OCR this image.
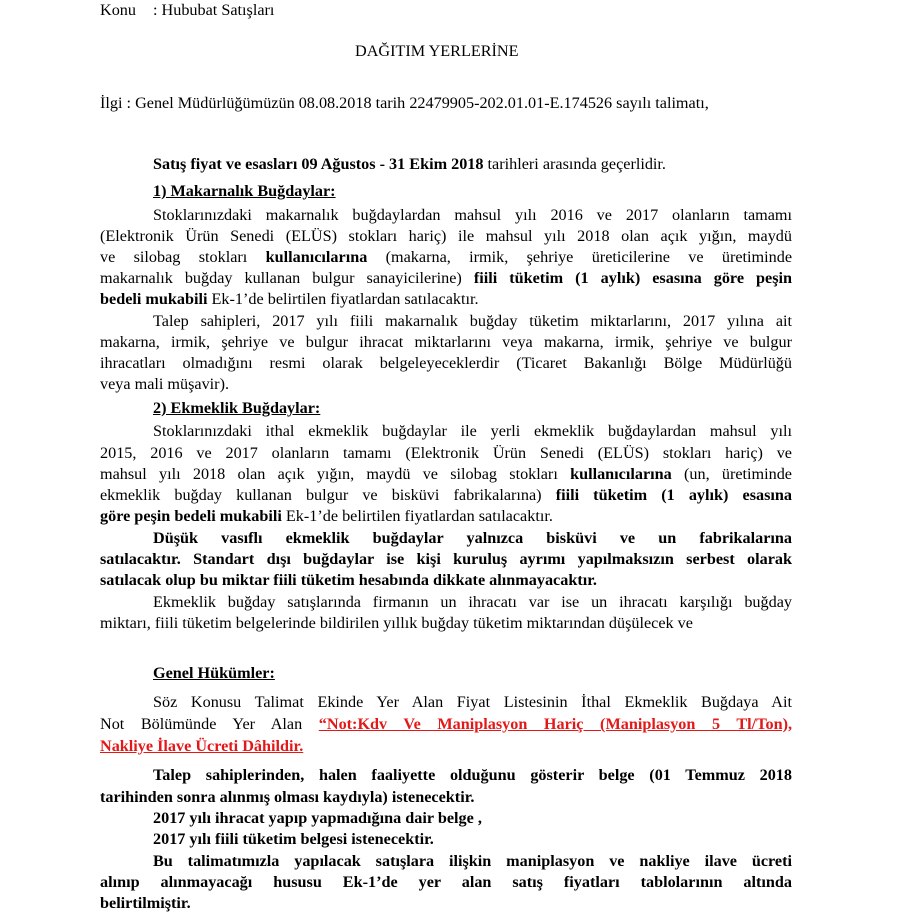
Konu : Hububat Satışları
DAĞITIM YERLERİNE
İlgi : Genel Müdürlüğümüzün 08.08.2018 tarih 22479905-202.01.01-E.174526 sayılı talimatı,
Satış fiyat ve esasları 09 Ağustos - 31 Ekim 2018 tarihleri arasında geçerlidir.
1) Makarnalık Buğdaylar:
Stoklarınızdaki makarnalık buğdaylardan mahsul yılı 2016 ve 2017 olanların tamamı
(Elektronik Ürün Senedi (ELÜS) stokları hariç) ile mahsul yılı 2018 olan açık yığın, maydü
ve silobag stokları kullanıcılarına (makarna, irmik, şehriye üreticilerine ve üretiminde
makarnalık buğday kullanan bulgur sanayicilerine) fiili tüketim (1 aylık) esasına göre peşin
bedeli mukabili Ek-1’de belirtilen fiyatlardan satılacaktır.
Talep sahipleri, 2017 yılı fiili makarnalık buğday tüketim miktarlarını, 2017 yılına ait
makarna, irmik, şehriye ve bulgur ihracat miktarlarını veya makarna, irmik, şehriye ve bulgur
ihracatları olmadığını resmi olarak belgeleyeceklerdir (Ticaret Bakanlığı Bölge Müdürlüğü
veya mali müşavir).
2) Ekmeklik Buğdaylar:
Stoklarınızdaki ithal ekmeklik buğdaylar ile yerli ekmeklik buğdaylardan mahsul yılı
2015, 2016 ve 2017 olanların tamamı (Elektronik Ürün Senedi (ELÜS) stokları hariç) ve
mahsul yılı 2018 olan açık yığın, maydü ve silobag stokları kullanıcılarına (un, üretiminde
ekmeklik buğday kullanan bulgur ve bisküvi fabrikalarına) fiili tüketim (1 aylık) esasına
göre peşin bedeli mukabili Ek-1’de belirtilen fiyatlardan satılacaktır.
Düşük vasıflı ekmeklik buğdaylar yalnızca bisküvi ve un fabrikalarına
satılacaktır. Standart dışı buğdaylar ise kişi kuruluş ayrımı yapılmaksızın serbest olarak
satılacak olup bu miktar fiili tüketim hesabında dikkate alınmayacaktır.
Ekmeklik buğday satışlarında firmanın un ihracatı var ise un ihracatı karşılığı buğday
miktarı, fiili tüketim belgelerinde bildirilen yıllık buğday tüketim miktarından düşülecek ve
Genel Hükümler:
Söz Konusu Talimat Ekinde Yer Alan Fiyat Listesinin İthal Ekmeklik Buğdaya Ait
Not Bölümünde Yer Alan “Not:Kdv Ve Maniplasyon Hariç (Maniplasyon 5 Tl/Ton),
Nakliye İlave Ücreti Dâhildir.
Talep sahiplerinden, halen faaliyette olduğunu gösterir belge (01 Temmuz 2018
tarihinden sonra alınmış olması kaydıyla) istenecektir.
2017 yılı ihracat yapıp yapmadığına dair belge ,
2017 yılı fiili tüketim belgesi istenecektir.
Bu talimatımızla yapılacak satışlara ilişkin maniplasyon ve nakliye ilave ücreti
alınıp alınmayacağı hususu Ek-1’de yer alan satış fiyatları tablolarının altında
belirtilmiştir.
